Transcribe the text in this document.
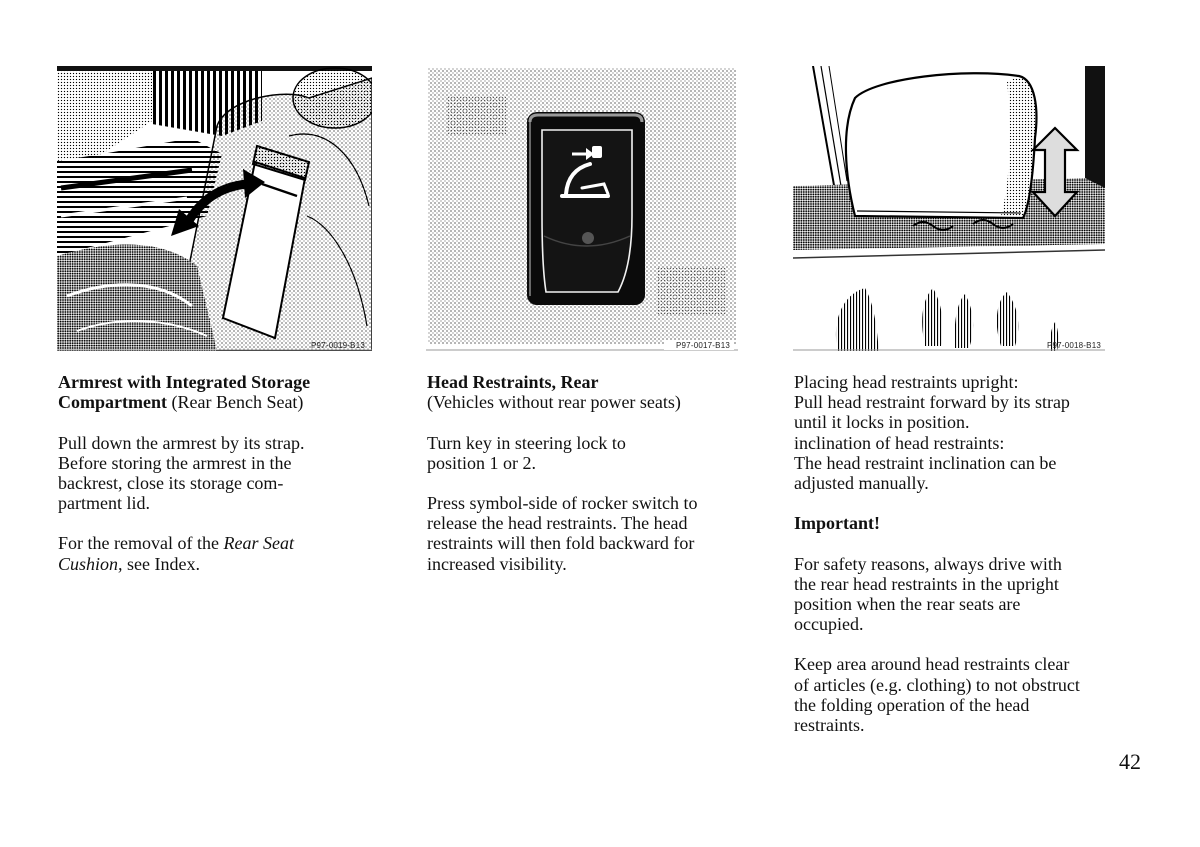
P97-0019-B13	P97-0017-B13	P97-0018-B13
Armrest with Integrated Storage
Compartment (Rear Bench Seat)
Pull down the armrest by its strap.
Before storing the armrest in the
backrest, close its storage com-
partment lid.
For the removal of the Rear Seat
Cushion, see Index.
Head Restraints, Rear
(Vehicles without rear power seats)
Turn key in steering lock to
position 1 or 2.
Press symbol-side of rocker switch to
release the head restraints. The head
restraints will then fold backward for
increased visibility.
Placing head restraints upright:
Pull head restraint forward by its strap
until it locks in position.
inclination of head restraints:
The head restraint inclination can be
adjusted manually.
Important!
For safety reasons, always drive with
the rear head restraints in the upright
position when the rear seats are
occupied.
Keep area around head restraints clear
of articles (e.g. clothing) to not obstruct
the folding operation of the head
restraints.
42
